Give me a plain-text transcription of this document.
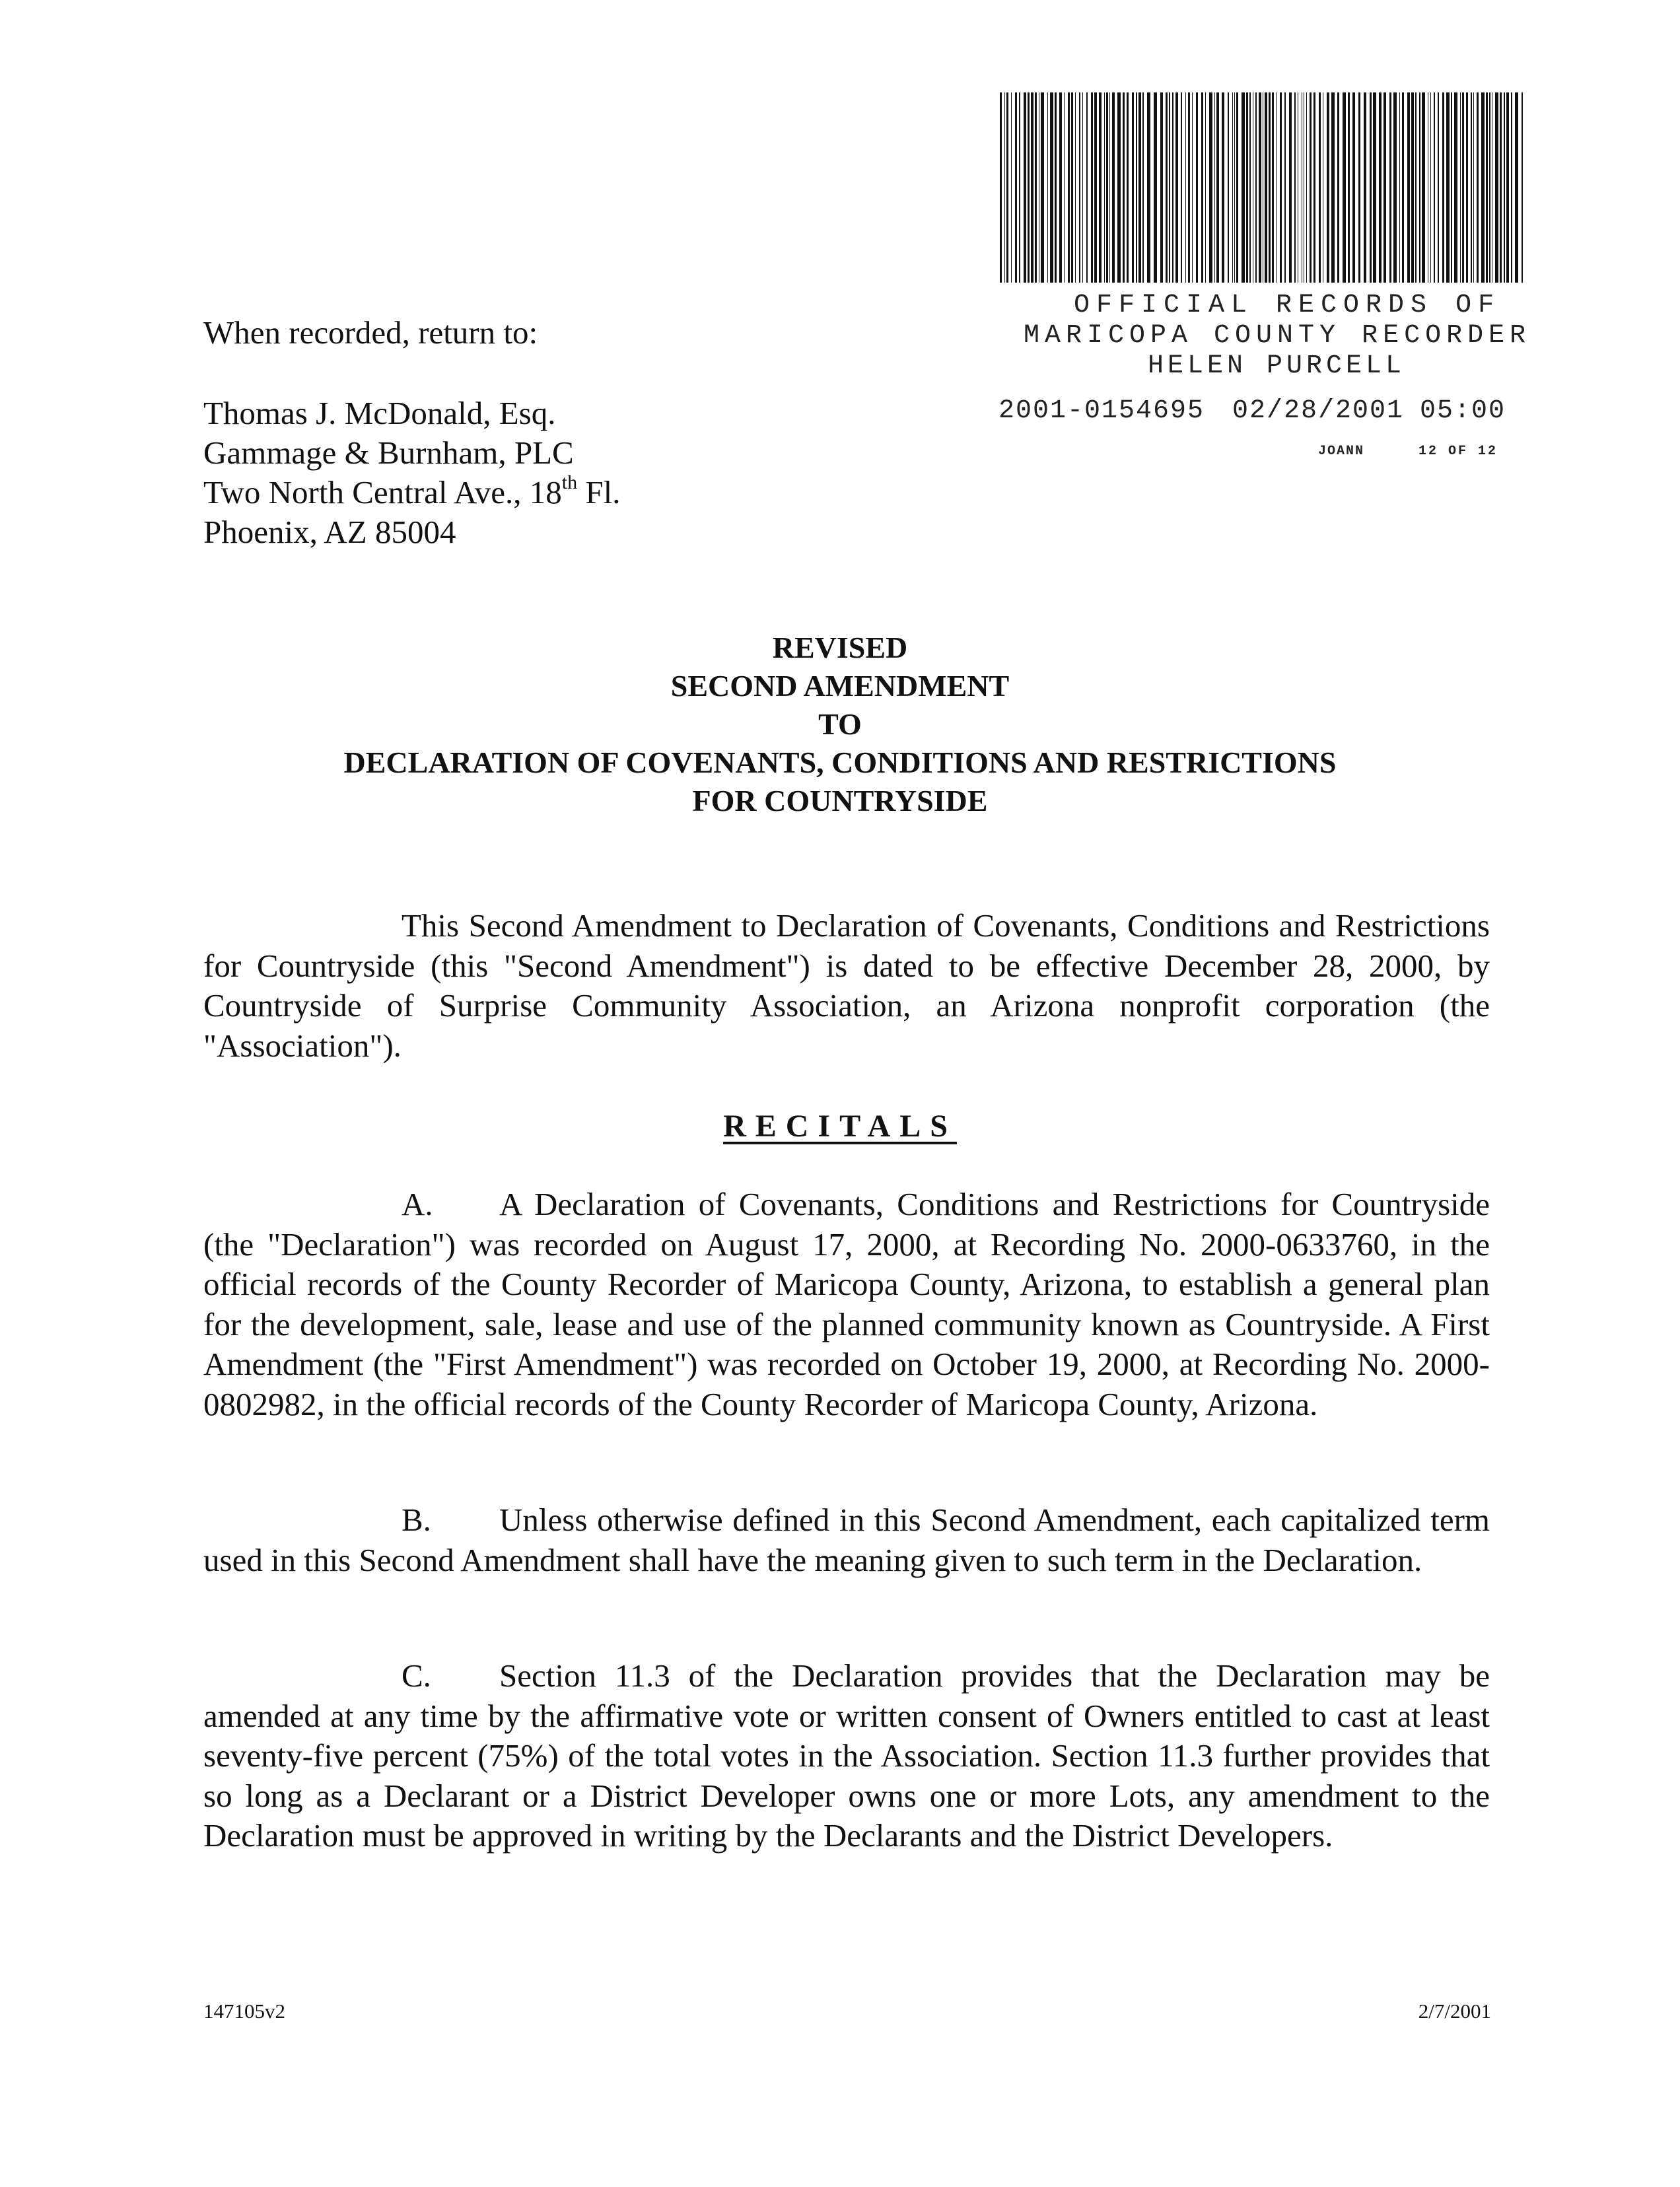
OFFICIAL RECORDS OF
MARICOPA COUNTY RECORDER
HELEN PURCELL
2001-0154695 02/28/2001 05:00
JOANN	12 OF 12
When recorded, return to:
Thomas J. McDonald, Esq.
Gammage & Burnham, PLC
Two North Central Ave., 18th Fl.
Phoenix, AZ 85004
REVISED
SECOND AMENDMENT
TO
DECLARATION OF COVENANTS, CONDITIONS AND RESTRICTIONS
FOR COUNTRYSIDE
This Second Amendment to Declaration of Covenants, Conditions and Restrictions for Countryside (this "Second Amendment") is dated to be effective December 28, 2000, by Countryside of Surprise Community Association, an Arizona nonprofit corporation (the "Association").
RECITALS
A. A Declaration of Covenants, Conditions and Restrictions for Countryside (the "Declaration") was recorded on August 17, 2000, at Recording No. 2000-0633760, in the official records of the County Recorder of Maricopa County, Arizona, to establish a general plan for the development, sale, lease and use of the planned community known as Countryside. A First Amendment (the "First Amendment") was recorded on October 19, 2000, at Recording No. 2000-0802982, in the official records of the County Recorder of Maricopa County, Arizona.
B. Unless otherwise defined in this Second Amendment, each capitalized term used in this Second Amendment shall have the meaning given to such term in the Declaration.
C. Section 11.3 of the Declaration provides that the Declaration may be amended at any time by the affirmative vote or written consent of Owners entitled to cast at least seventy-five percent (75%) of the total votes in the Association. Section 11.3 further provides that so long as a Declarant or a District Developer owns one or more Lots, any amendment to the Declaration must be approved in writing by the Declarants and the District Developers.
147105v2	2/7/2001
